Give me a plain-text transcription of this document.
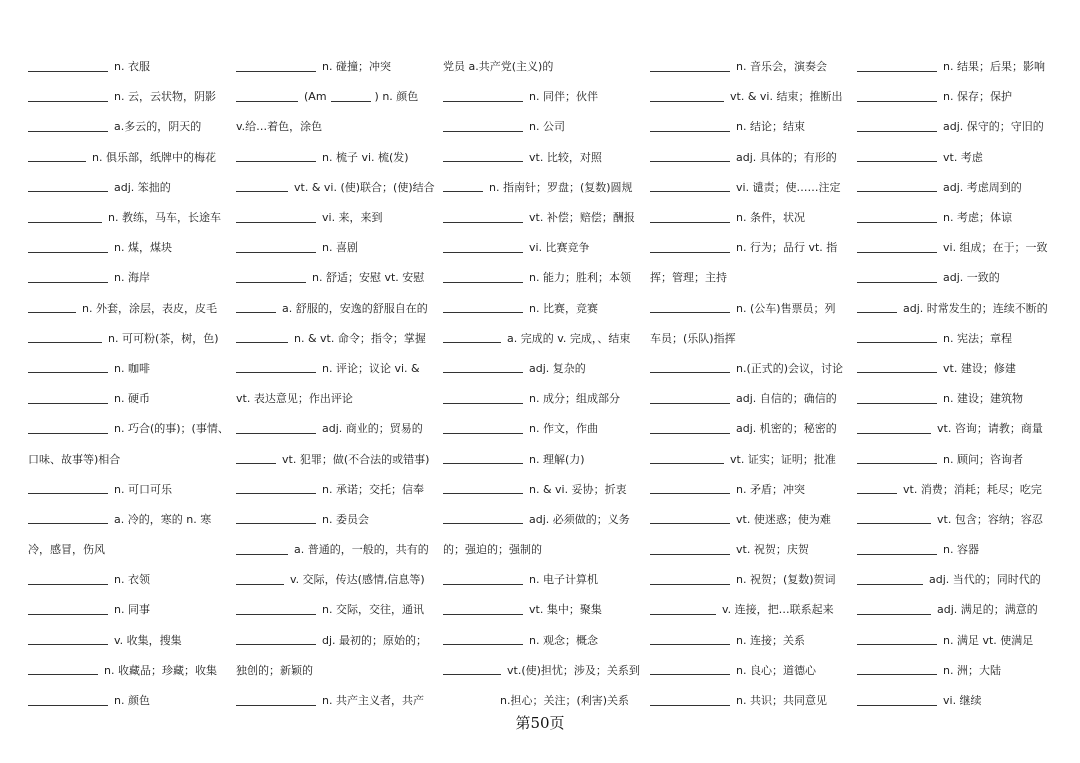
n. 衣服
n. 云，云状物，阴影
a.多云的，阴天的
n. 俱乐部，纸牌中的梅花
adj. 笨拙的
n. 教练，马车，长途车
n. 煤，煤块
n. 海岸
n. 外套，涂层，表皮，皮毛
n. 可可粉(茶，树，色)
n. 咖啡
n. 硬币
n. 巧合(的事)；(事情、
口味、故事等)相合
n. 可口可乐
a. 冷的，寒的 n. 寒
冷，感冒，伤风
n. 衣领
n. 同事
v. 收集，搜集
n. 收藏品；珍藏；收集
n. 颜色
n. 碰撞；冲突
(Am	) n. 颜色
v.给…着色，涂色
n. 梳子 vi. 梳(发)
vt. & vi. (使)联合；(使)结合
vi. 来，来到
n. 喜剧
n. 舒适；安慰 vt. 安慰
a. 舒服的，安逸的舒服自在的
n. & vt. 命令；指令；掌握
n. 评论；议论 vi. &
vt. 表达意见；作出评论
adj. 商业的；贸易的
vt. 犯罪；做(不合法的或错事)
n. 承诺；交托；信奉
n. 委员会
a. 普通的，一般的，共有的
v. 交际，传达(感情,信息等)
n. 交际，交往，通讯
dj. 最初的；原始的；
独创的；新颖的
n. 共产主义者，共产
党员 a.共产党(主义)的
n. 同伴；伙伴
n. 公司
vt. 比较，对照
n. 指南针；罗盘；(复数)圆规
vt. 补偿；赔偿；酬报
vi. 比赛竞争
n. 能力；胜利；本领
n. 比赛，竞赛
a. 完成的 v. 完成，、结束
adj. 复杂的
n. 成分；组成部分
n. 作文，作曲
n. 理解(力)
n. & vi. 妥协；折衷
adj. 必须做的；义务
的；强迫的；强制的
n. 电子计算机
vt. 集中；聚集
n. 观念；概念
vt.(使)担忧；涉及；关系到
n.担心；关注；(利害)关系
n. 音乐会，演奏会
vt. & vi. 结束；推断出
n. 结论；结束
adj. 具体的；有形的
vi. 谴责；使……注定
n. 条件，状况
n. 行为；品行 vt. 指
挥；管理；主持
n. (公车)售票员；列
车员；(乐队)指挥
n.(正式的)会议，讨论
adj. 自信的；确信的
adj. 机密的；秘密的
vt. 证实；证明；批准
n. 矛盾；冲突
vt. 使迷惑；使为难
vt. 祝贺；庆贺
n. 祝贺；(复数)贺词
v. 连接，把…联系起来
n. 连接；关系
n. 良心；道德心
n. 共识；共同意见
n. 结果；后果；影响
n. 保存；保护
adj. 保守的；守旧的
vt. 考虑
adj. 考虑周到的
n. 考虑；体谅
vi. 组成；在于；一致
adj. 一致的
adj. 时常发生的；连续不断的
n. 宪法；章程
vt. 建设；修建
n. 建设；建筑物
vt. 咨询；请教；商量
n. 顾问；咨询者
vt. 消费；消耗；耗尽；吃完
vt. 包含；容纳；容忍
n. 容器
adj. 当代的；同时代的
adj. 满足的；满意的
n. 满足 vt. 使满足
n. 洲；大陆
vi. 继续
第50页
